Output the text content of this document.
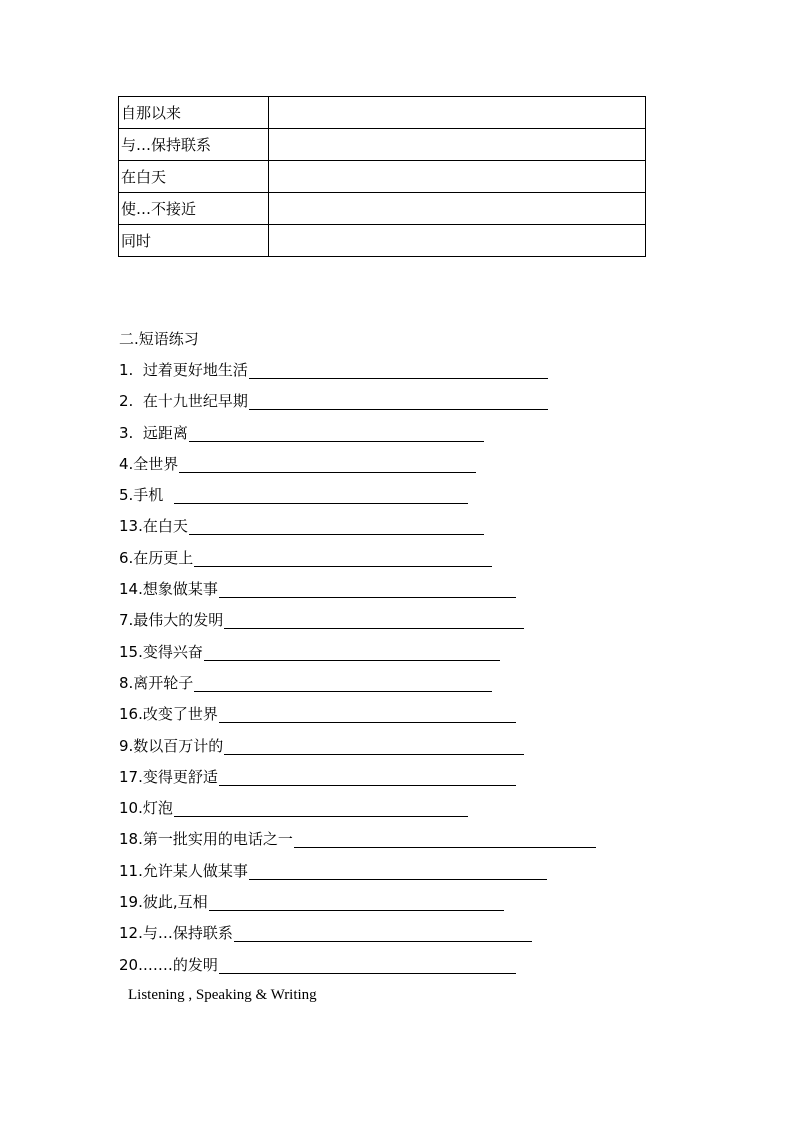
自那以来	
与…保持联系	
在白天	
使…不接近	
同时	
二.短语练习
1.  过着更好地生活
2.  在十九世纪早期
3.  远距离
4.全世界
5.手机
13.在白天
6.在历更上
14.想象做某事
7.最伟大的发明
15.变得兴奋
8.离开轮子
16.改变了世界
9.数以百万计的
17.变得更舒适
10.灯泡
18.第一批实用的电话之一
11.允许某人做某事
19.彼此,互相
12.与…保持联系
20.……的发明
Listening , Speaking & Writing
